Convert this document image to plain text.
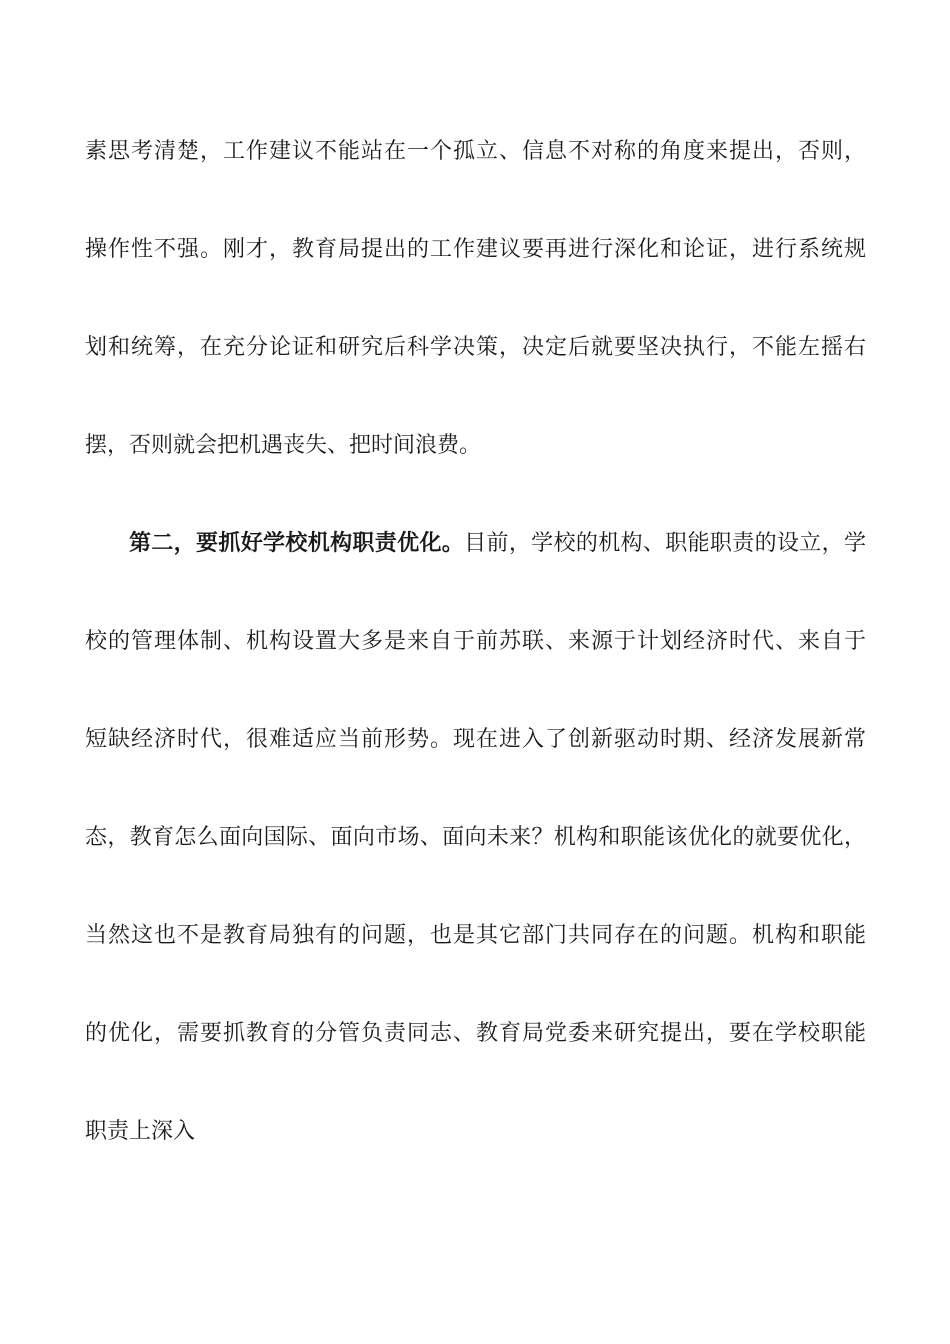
素思考清楚，工作建议不能站在一个孤立、信息不对称的角度来提出，否则，
操作性不强。刚才，教育局提出的工作建议要再进行深化和论证，进行系统规
划和统筹，在充分论证和研究后科学决策，决定后就要坚决执行，不能左摇右
摆，否则就会把机遇丧失、把时间浪费。
第二，要抓好学校机构职责优化。目前，学校的机构、职能职责的设立，学
校的管理体制、机构设置大多是来自于前苏联、来源于计划经济时代、来自于
短缺经济时代，很难适应当前形势。现在进入了创新驱动时期、经济发展新常
态，教育怎么面向国际、面向市场、面向未来？机构和职能该优化的就要优化，
当然这也不是教育局独有的问题，也是其它部门共同存在的问题。机构和职能
的优化，需要抓教育的分管负责同志、教育局党委来研究提出，要在学校职能
职责上深入
